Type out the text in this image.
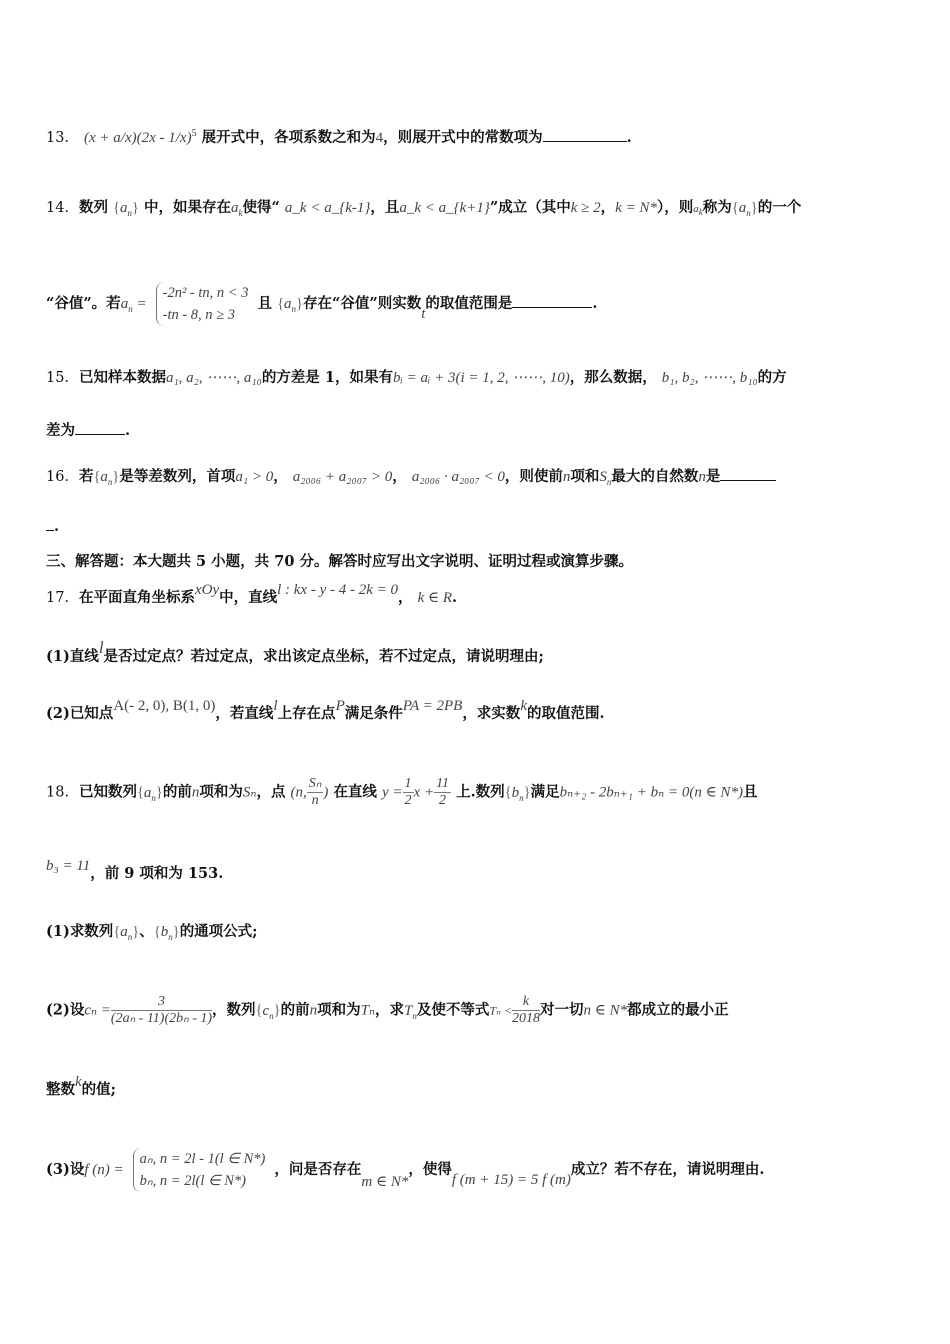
13． (x + a/x)(2x - 1/x)$^5$ 展开式中，各项系数之和为4，则展开式中的常数项为	.
14．数列 $\{a_n\}$ 中，如果存在$a_k$使得“ a_k < a_{k-1}，且a_k < a_{k+1}”成立（其中k ≥ 2，k = N*），则$a_k$称为$\{a_n\}$的一个
“谷值”。若$a_n = -2n^2$ - tn, n < 3
-tn - 8, n ≥ 3 且 $\{a_n\}$存在“谷值”则实数t的取值范围是	.
15．已知样本数据a₁, a₂, ⋯⋯, a₁₀的方差是 1，如果有bᵢ = aᵢ + 3(i = 1, 2, ⋯⋯, 10)，那么数据， b₁, b₂, ⋯⋯, b₁₀的方
差为	.
16．若$\{a_n\}$是等差数列，首项a₁ > 0， a₂₀₀₆ + a₂₀₀₇ > 0， a₂₀₀₆ · a₂₀₀₇ < 0，则使前n项和$S_n$最大的自然数n是
.
三、解答题：本大题共 5 小题，共 70 分。解答时应写出文字说明、证明过程或演算步骤。
17．在平面直角坐标系xOy中，直线l : kx - y - 4 - 2k = 0， k ∈ R.
(1)直线l是否过定点？若过定点，求出该定点坐标，若不过定点，请说明理由;
(2)已知点A(- 2, 0), B(1, 0)，若直线l上存在点P满足条件PA = 2PB，求实数k的取值范围.
18．已知数列$\{a_n\}$的前n项和为Sₙ，点 (n, $\frac{\text{Sₙ}}{n}$ ) 在直线 $y = \frac{1}{2}$ $x + \frac{11}{2}$ 上.数列$\{b_n\}$满足bₙ₊₂ - 2bₙ₊₁ + bₙ = 0(n ∈ N*)且
b₃ = 11，前 9 项和为 153.
(1)求数列$\{a_n\}$、$\{b_n\}$的通项公式;
(2)设$c_n = \frac{3}{\text{(2aₙ - 11)(2bₙ - 1)}}$ ，数列$\{c_n\}$的前n项和为Tₙ，求$T_n$及使不等式$T_n < \frac{k}{2018}$ 对一切n ∈ N*都成立的最小正
整数k的值;
(3)设f (n) = aₙ, n = 2l - 1(l ∈ N*)
bₙ, n = 2l(l ∈ N*) ，问是否存在m ∈ N*，使得f (m + 15) = 5 f (m)成立？若不存在，请说明理由.
